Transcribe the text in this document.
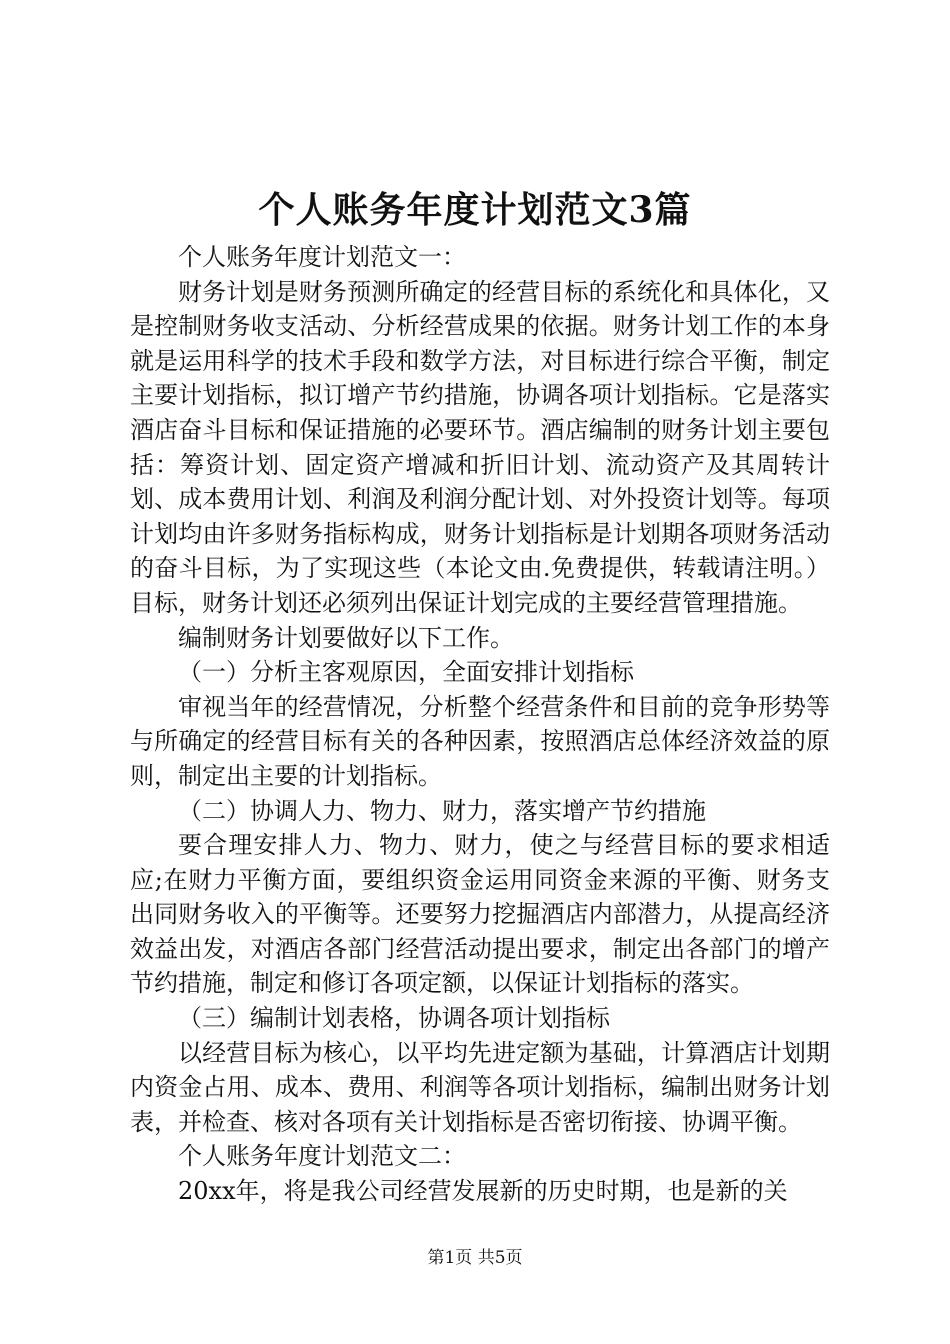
个人账务年度计划范文3篇

个人账务年度计划范文一：

财务计划是财务预测所确定的经营目标的系统化和具体化，又是控制财务收支活动、分析经营成果的依据。财务计划工作的本身就是运用科学的技术手段和数学方法，对目标进行综合平衡，制定主要计划指标，拟订增产节约措施，协调各项计划指标。它是落实酒店奋斗目标和保证措施的必要环节。酒店编制的财务计划主要包括：筹资计划、固定资产增减和折旧计划、流动资产及其周转计划、成本费用计划、利润及利润分配计划、对外投资计划等。每项计划均由许多财务指标构成，财务计划指标是计划期各项财务活动的奋斗目标，为了实现这些（本论文由.免费提供，转载请注明。）目标，财务计划还必须列出保证计划完成的主要经营管理措施。

编制财务计划要做好以下工作。

（一）分析主客观原因，全面安排计划指标

审视当年的经营情况，分析整个经营条件和目前的竞争形势等与所确定的经营目标有关的各种因素，按照酒店总体经济效益的原则，制定出主要的计划指标。

（二）协调人力、物力、财力，落实增产节约措施

要合理安排人力、物力、财力，使之与经营目标的要求相适应;在财力平衡方面，要组织资金运用同资金来源的平衡、财务支出同财务收入的平衡等。还要努力挖掘酒店内部潜力，从提高经济效益出发，对酒店各部门经营活动提出要求，制定出各部门的增产节约措施，制定和修订各项定额，以保证计划指标的落实。

（三）编制计划表格，协调各项计划指标

以经营目标为核心，以平均先进定额为基础，计算酒店计划期内资金占用、成本、费用、利润等各项计划指标，编制出财务计划表，并检查、核对各项有关计划指标是否密切衔接、协调平衡。

个人账务年度计划范文二：

20xx年，将是我公司经营发展新的历史时期，也是新的关

第1页 共5页
